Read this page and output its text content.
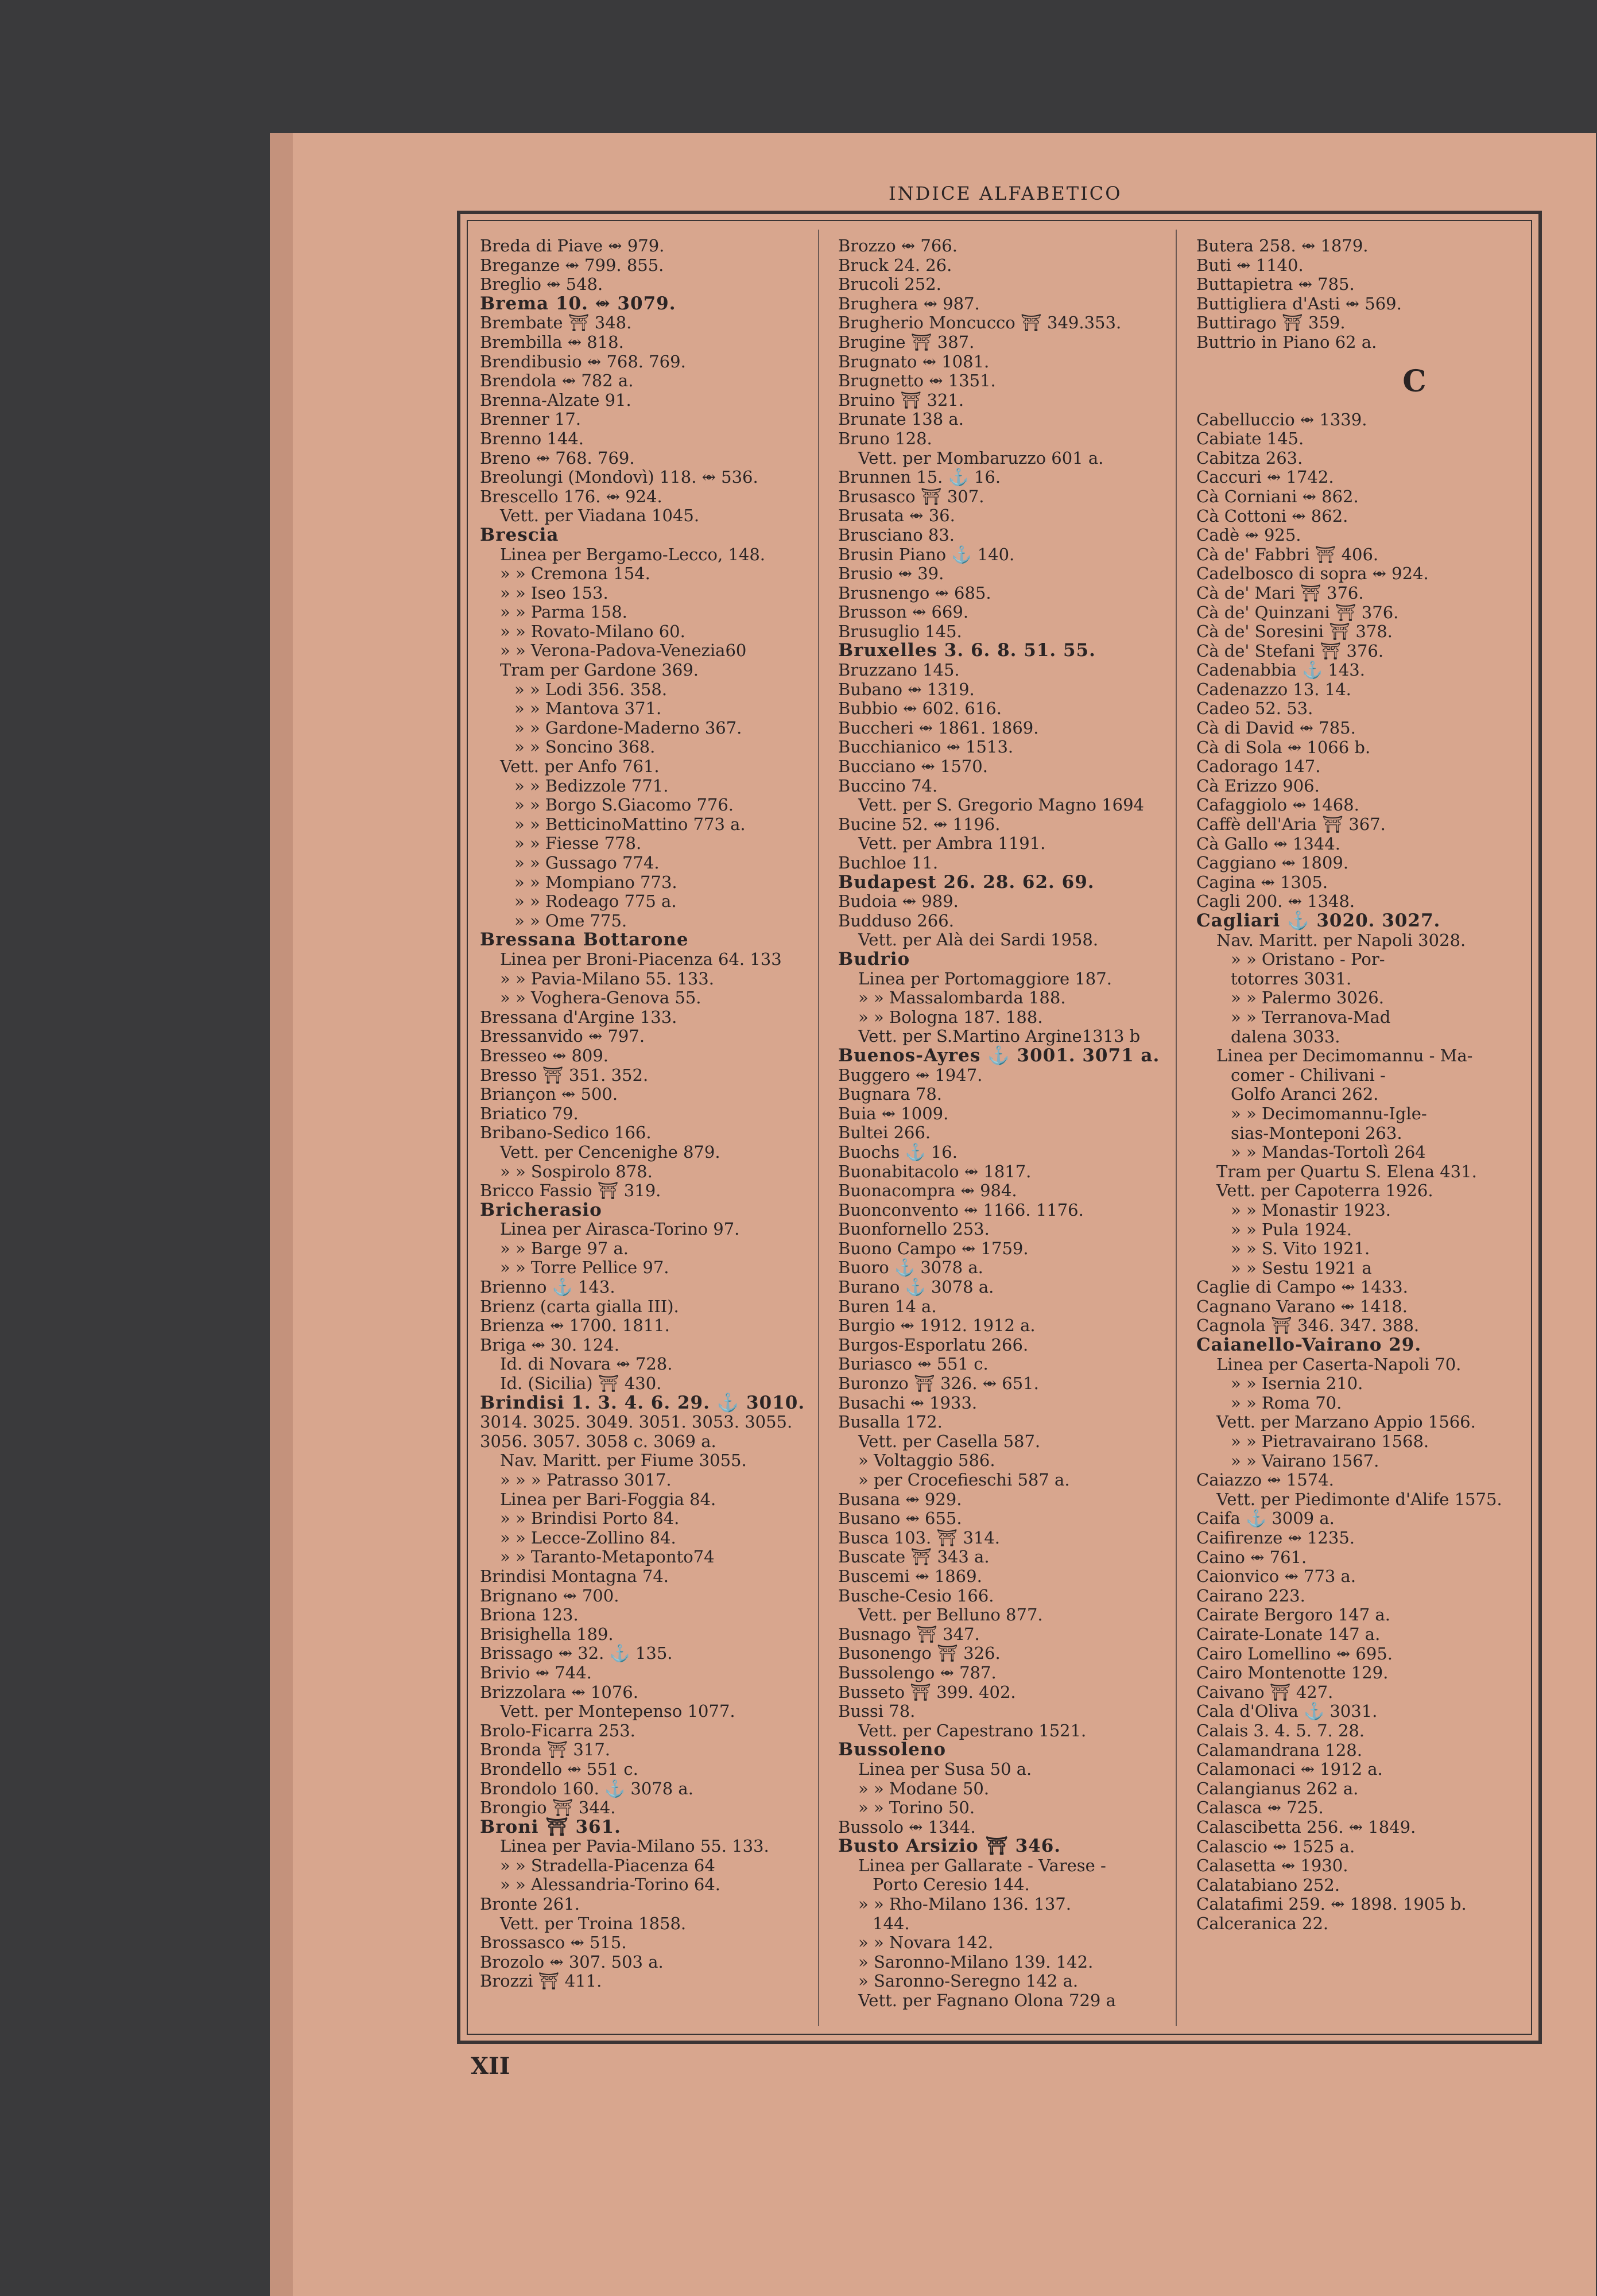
INDICE ALFABETICO
Breda di Piave ⥈ 979.
Breganze ⥈ 799. 855.
Breglio ⥈ 548.
Brema 10. ⥈ 3079.
Brembate ⛩ 348.
Brembilla ⥈ 818.
Brendibusio ⥈ 768. 769.
Brendola ⥈ 782 a.
Brenna-Alzate 91.
Brenner 17.
Brenno 144.
Breno ⥈ 768. 769.
Breolungi (Mondovì) 118. ⥈ 536.
Brescello 176. ⥈ 924.
Vett. per Viadana 1045.
Brescia
Linea per Bergamo-Lecco, 148.
» » Cremona 154.
» » Iseo 153.
» » Parma 158.
» » Rovato-Milano 60.
» » Verona-Padova-Venezia60
Tram per Gardone 369.
» » Lodi 356. 358.
» » Mantova 371.
» » Gardone-Maderno 367.
» » Soncino 368.
Vett. per Anfo 761.
» » Bedizzole 771.
» » Borgo S.Giacomo 776.
» » BetticinoMattino 773 a.
» » Fiesse 778.
» » Gussago 774.
» » Mompiano 773.
» » Rodeago 775 a.
» » Ome 775.
Bressana Bottarone
Linea per Broni-Piacenza 64. 133
» » Pavia-Milano 55. 133.
» » Voghera-Genova 55.
Bressana d'Argine 133.
Bressanvido ⥈ 797.
Bresseo ⥈ 809.
Bresso ⛩ 351. 352.
Briançon ⥈ 500.
Briatico 79.
Bribano-Sedico 166.
Vett. per Cencenighe 879.
» » Sospirolo 878.
Bricco Fassio ⛩ 319.
Bricherasio
Linea per Airasca-Torino 97.
» » Barge 97 a.
» » Torre Pellice 97.
Brienno ⚓ 143.
Brienz (carta gialla III).
Brienza ⥈ 1700. 1811.
Briga ⥈ 30. 124.
Id. di Novara ⥈ 728.
Id. (Sicilia) ⛩ 430.
Brindisi 1. 3. 4. 6. 29. ⚓ 3010.
3014. 3025. 3049. 3051. 3053. 3055.
3056. 3057. 3058 c. 3069 a.
Nav. Maritt. per Fiume 3055.
» » » Patrasso 3017.
Linea per Bari-Foggia 84.
» » Brindisi Porto 84.
» » Lecce-Zollino 84.
» » Taranto-Metaponto74
Brindisi Montagna 74.
Brignano ⥈ 700.
Briona 123.
Brisighella 189.
Brissago ⥈ 32. ⚓ 135.
Brivio ⥈ 744.
Brizzolara ⥈ 1076.
Vett. per Montepenso 1077.
Brolo-Ficarra 253.
Bronda ⛩ 317.
Brondello ⥈ 551 c.
Brondolo 160. ⚓ 3078 a.
Brongio ⛩ 344.
Broni ⛩ 361.
Linea per Pavia-Milano 55. 133.
» » Stradella-Piacenza 64
» » Alessandria-Torino 64.
Bronte 261.
Vett. per Troina 1858.
Brossasco ⥈ 515.
Brozolo ⥈ 307. 503 a.
Brozzi ⛩ 411.
Brozzo ⥈ 766.
Bruck 24. 26.
Brucoli 252.
Brughera ⥈ 987.
Brugherio Moncucco ⛩ 349.353.
Brugine ⛩ 387.
Brugnato ⥈ 1081.
Brugnetto ⥈ 1351.
Bruino ⛩ 321.
Brunate 138 a.
Bruno 128.
Vett. per Mombaruzzo 601 a.
Brunnen 15. ⚓ 16.
Brusasco ⛩ 307.
Brusata ⥈ 36.
Brusciano 83.
Brusin Piano ⚓ 140.
Brusio ⥈ 39.
Brusnengo ⥈ 685.
Brusson ⥈ 669.
Brusuglio 145.
Bruxelles 3. 6. 8. 51. 55.
Bruzzano 145.
Bubano ⥈ 1319.
Bubbio ⥈ 602. 616.
Buccheri ⥈ 1861. 1869.
Bucchianico ⥈ 1513.
Bucciano ⥈ 1570.
Buccino 74.
Vett. per S. Gregorio Magno 1694
Bucine 52. ⥈ 1196.
Vett. per Ambra 1191.
Buchloe 11.
Budapest 26. 28. 62. 69.
Budoia ⥈ 989.
Budduso 266.
Vett. per Alà dei Sardi 1958.
Budrio
Linea per Portomaggiore 187.
» » Massalombarda 188.
» » Bologna 187. 188.
Vett. per S.Martino Argine1313 b
Buenos-Ayres ⚓ 3001. 3071 a.
Buggero ⥈ 1947.
Bugnara 78.
Buia ⥈ 1009.
Bultei 266.
Buochs ⚓ 16.
Buonabitacolo ⥈ 1817.
Buonacompra ⥈ 984.
Buonconvento ⥈ 1166. 1176.
Buonfornello 253.
Buono Campo ⥈ 1759.
Buoro ⚓ 3078 a.
Burano ⚓ 3078 a.
Buren 14 a.
Burgio ⥈ 1912. 1912 a.
Burgos-Esporlatu 266.
Buriasco ⥈ 551 c.
Buronzo ⛩ 326. ⥈ 651.
Busachi ⥈ 1933.
Busalla 172.
Vett. per Casella 587.
» Voltaggio 586.
» per Crocefieschi 587 a.
Busana ⥈ 929.
Busano ⥈ 655.
Busca 103. ⛩ 314.
Buscate ⛩ 343 a.
Buscemi ⥈ 1869.
Busche-Cesio 166.
Vett. per Belluno 877.
Busnago ⛩ 347.
Busonengo ⛩ 326.
Bussolengo ⥈ 787.
Busseto ⛩ 399. 402.
Bussi 78.
Vett. per Capestrano 1521.
Bussoleno
Linea per Susa 50 a.
» » Modane 50.
» » Torino 50.
Bussolo ⥈ 1344.
Busto Arsizio ⛩ 346.
Linea per Gallarate - Varese -
Porto Ceresio 144.
» » Rho-Milano 136. 137.
144.
» » Novara 142.
» Saronno-Milano 139. 142.
» Saronno-Seregno 142 a.
Vett. per Fagnano Olona 729 a
Butera 258. ⥈ 1879.
Buti ⥈ 1140.
Buttapietra ⥈ 785.
Buttigliera d'Asti ⥈ 569.
Buttirago ⛩ 359.
Buttrio in Piano 62 a.
C
Cabelluccio ⥈ 1339.
Cabiate 145.
Cabitza 263.
Caccuri ⥈ 1742.
Cà Corniani ⥈ 862.
Cà Cottoni ⥈ 862.
Cadè ⥈ 925.
Cà de' Fabbri ⛩ 406.
Cadelbosco di sopra ⥈ 924.
Cà de' Mari ⛩ 376.
Cà de' Quinzani ⛩ 376.
Cà de' Soresini ⛩ 378.
Cà de' Stefani ⛩ 376.
Cadenabbia ⚓ 143.
Cadenazzo 13. 14.
Cadeo 52. 53.
Cà di David ⥈ 785.
Cà di Sola ⥈ 1066 b.
Cadorago 147.
Cà Erizzo 906.
Cafaggiolo ⥈ 1468.
Caffè dell'Aria ⛩ 367.
Cà Gallo ⥈ 1344.
Caggiano ⥈ 1809.
Cagina ⥈ 1305.
Cagli 200. ⥈ 1348.
Cagliari ⚓ 3020. 3027.
Nav. Maritt. per Napoli 3028.
» » Oristano - Por-
totorres 3031.
» » Palermo 3026.
» » Terranova-Mad
dalena 3033.
Linea per Decimomannu - Ma-
comer - Chilivani -
Golfo Aranci 262.
» » Decimomannu-Igle-
sias-Monteponi 263.
» » Mandas-Tortolì 264
Tram per Quartu S. Elena 431.
Vett. per Capoterra 1926.
» » Monastir 1923.
» » Pula 1924.
» » S. Vito 1921.
» » Sestu 1921 a
Caglie di Campo ⥈ 1433.
Cagnano Varano ⥈ 1418.
Cagnola ⛩ 346. 347. 388.
Caianello-Vairano 29.
Linea per Caserta-Napoli 70.
» » Isernia 210.
» » Roma 70.
Vett. per Marzano Appio 1566.
» » Pietravairano 1568.
» » Vairano 1567.
Caiazzo ⥈ 1574.
Vett. per Piedimonte d'Alife 1575.
Caifa ⚓ 3009 a.
Caifirenze ⥈ 1235.
Caino ⥈ 761.
Caionvico ⥈ 773 a.
Cairano 223.
Cairate Bergoro 147 a.
Cairate-Lonate 147 a.
Cairo Lomellino ⥈ 695.
Cairo Montenotte 129.
Caivano ⛩ 427.
Cala d'Oliva ⚓ 3031.
Calais 3. 4. 5. 7. 28.
Calamandrana 128.
Calamonaci ⥈ 1912 a.
Calangianus 262 a.
Calasca ⥈ 725.
Calascibetta 256. ⥈ 1849.
Calascio ⥈ 1525 a.
Calasetta ⥈ 1930.
Calatabiano 252.
Calatafimi 259. ⥈ 1898. 1905 b.
Calceranica 22.
XII
